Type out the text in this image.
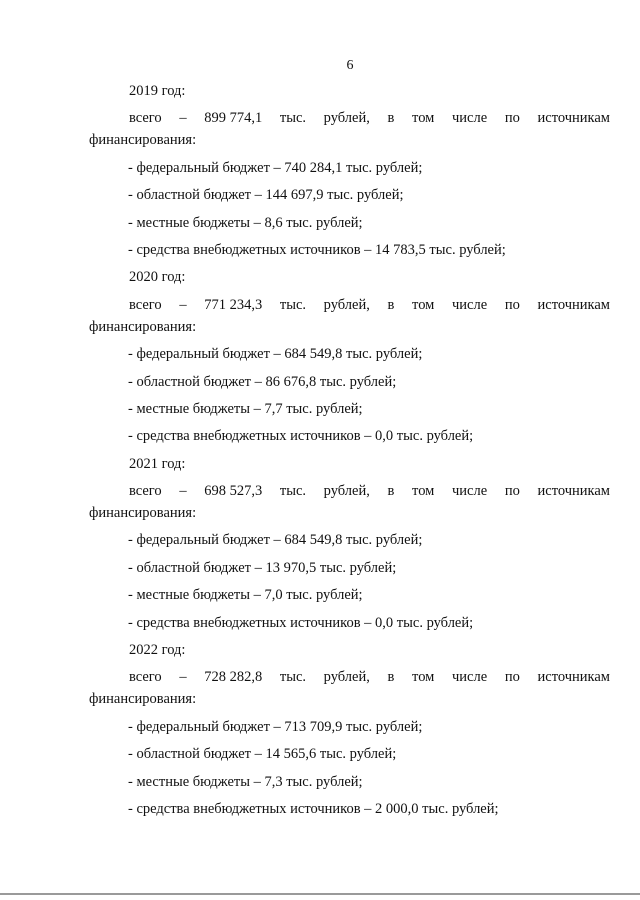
6
2019 год:
всего – 899 774,1 тыс. рублей, в том числе по источникам
финансирования:
- федеральный бюджет – 740 284,1 тыс. рублей;
- областной бюджет – 144 697,9 тыс. рублей;
- местные бюджеты – 8,6 тыс. рублей;
- средства внебюджетных источников – 14 783,5 тыс. рублей;
2020 год:
всего – 771 234,3 тыс. рублей, в том числе по источникам
финансирования:
- федеральный бюджет – 684 549,8 тыс. рублей;
- областной бюджет – 86 676,8 тыс. рублей;
- местные бюджеты – 7,7 тыс. рублей;
- средства внебюджетных источников – 0,0 тыс. рублей;
2021 год:
всего – 698 527,3 тыс. рублей, в том числе по источникам
финансирования:
- федеральный бюджет – 684 549,8 тыс. рублей;
- областной бюджет – 13 970,5 тыс. рублей;
- местные бюджеты – 7,0 тыс. рублей;
- средства внебюджетных источников – 0,0 тыс. рублей;
2022 год:
всего – 728 282,8 тыс. рублей, в том числе по источникам
финансирования:
- федеральный бюджет – 713 709,9 тыс. рублей;
- областной бюджет – 14 565,6 тыс. рублей;
- местные бюджеты – 7,3 тыс. рублей;
- средства внебюджетных источников – 2 000,0 тыс. рублей;
